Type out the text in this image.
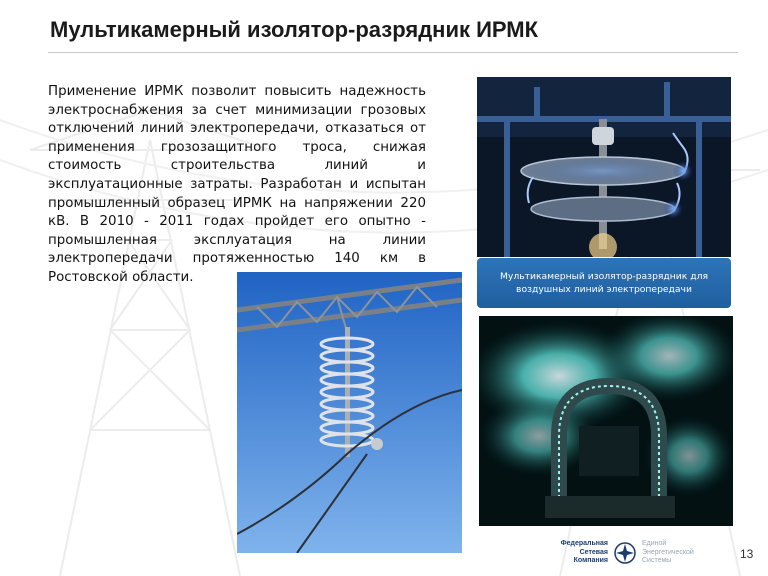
Мультикамерный изолятор-разрядник ИРМК

Применение ИРМК позволит повысить надежность электроснабжения за счет минимизации грозовых отключений линий электропередачи, отказаться от применения грозозащитного троса, снижая стоимость строительства линий и эксплуатационные затраты. Разработан и испытан промышленный образец ИРМК на напряжении 220 кВ. В 2010 - 2011 годах пройдет его опытно - промышленная эксплуатация на линии электропередачи протяженностью 140 км в Ростовской области.	Мультикамерный изолятор-разрядник для воздушных линий электропередачи
Федеральная
Сетевая Компания
Единой
Энергетической Системы	13
